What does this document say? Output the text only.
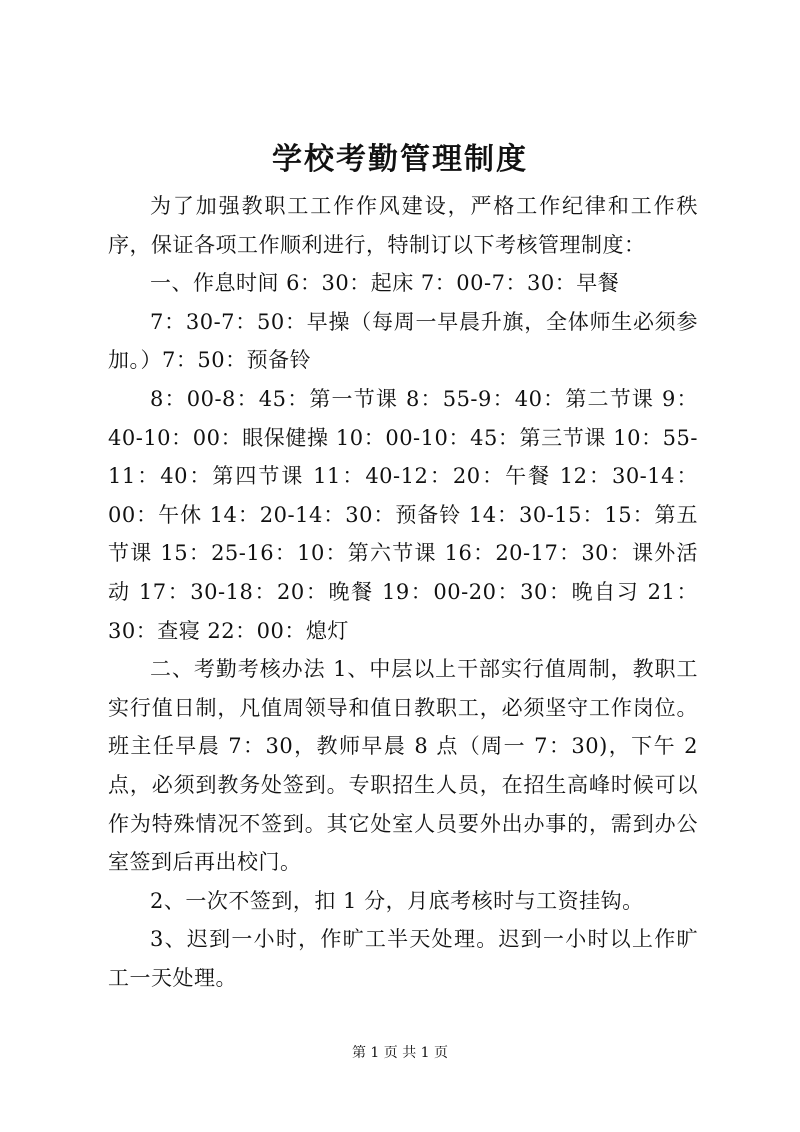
学校考勤管理制度

为了加强教职工工作作风建设，严格工作纪律和工作秩序，保证各项工作顺利进行，特制订以下考核管理制度：

一、作息时间 6：30：起床 7：00-7：30：早餐

7：30-7：50：早操（每周一早晨升旗，全体师生必须参加。）7：50：预备铃

8：00-8：45：第一节课 8：55-9：40：第二节课 9：40-10：00：眼保健操 10：00-10：45：第三节课 10：55-11：40：第四节课 11：40-12：20：午餐 12：30-14：00：午休 14：20-14：30：预备铃 14：30-15：15：第五节课 15：25-16：10：第六节课 16：20-17：30：课外活动 17：30-18：20：晚餐 19：00-20：30：晚自习 21：30：查寝 22：00：熄灯

二、考勤考核办法 1、中层以上干部实行值周制，教职工实行值日制，凡值周领导和值日教职工，必须坚守工作岗位。班主任早晨 7：30，教师早晨 8 点（周一 7：30)，下午 2 点，必须到教务处签到。专职招生人员，在招生高峰时候可以作为特殊情况不签到。其它处室人员要外出办事的，需到办公室签到后再出校门。

2、一次不签到，扣 1 分，月底考核时与工资挂钩。

3、迟到一小时，作旷工半天处理。迟到一小时以上作旷工一天处理。

第 1 页 共 1 页
